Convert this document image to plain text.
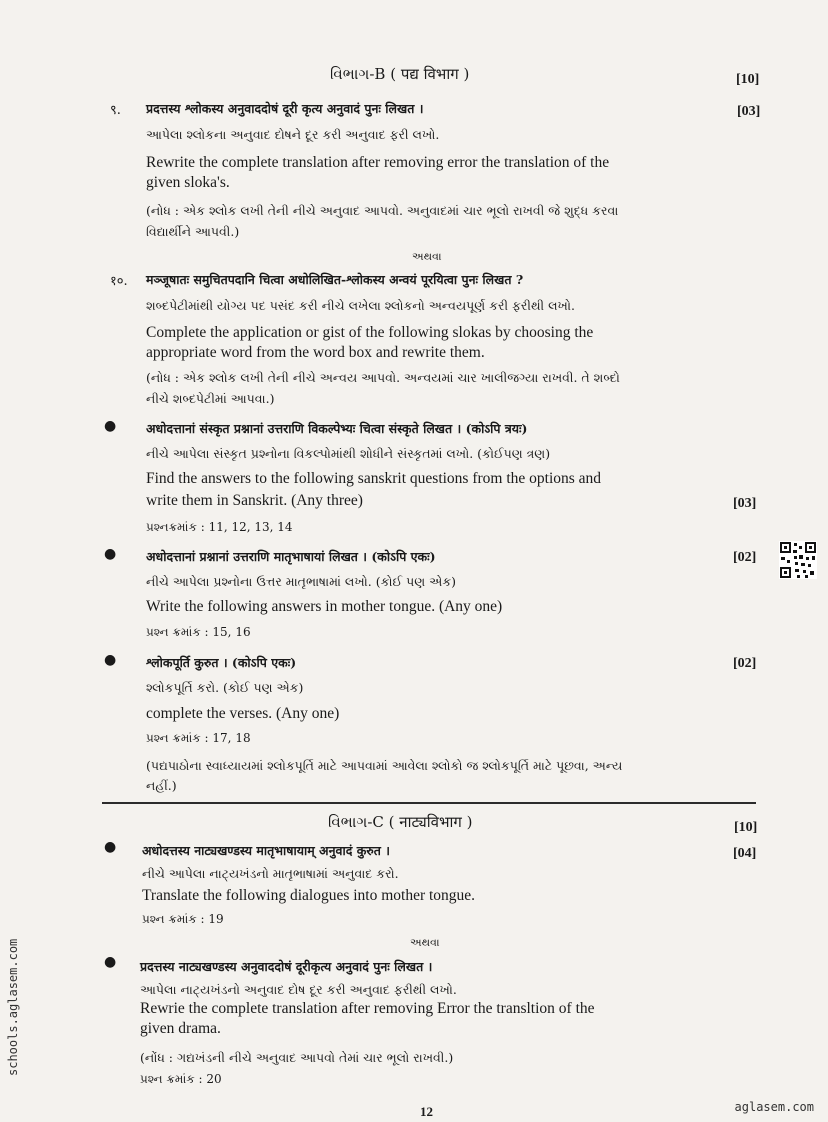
વિભાગ-B ( पद्य विभाग )	[10]
९. प्रदत्तस्य श्लोकस्य अनुवाददोषं दूरी कृत्य अनुवादं पुनः लिखत ।	[03]
આપેલા શ્લોકના અનુવાદ દોષને દૂર કરી અનુવાદ ફરી લખો.
Rewrite the complete translation after removing error the translation of the
given sloka's.
(નોધ : એક શ્લોક લખી તેની નીચે અનુવાદ આપવો. અનુવાદમાં ચાર ભૂલો રાખવી જે શુદ્ધ કરવા
વિદ્યાર્થીને આપવી.)
અથવા
१०. मञ्जूषातः समुचितपदानि चित्वा अधोलिखित-श्लोकस्य अन्वयं पूरयित्वा पुनः लिखत ?
શબ્દપેટીમાંથી યોગ્ય પદ પસંદ કરી નીચે લખેલા શ્લોકનો અન્વયપૂર્ણ કરી ફરીથી લખો.
Complete the application or gist of the following slokas by choosing the
appropriate word from the word box and rewrite them.
(નોધ : એક શ્લોક લખી તેની નીચે અન્વય આપવો. અન્વયમાં ચાર ખાલીજગ્યા રાખવી. તે શબ્દો
નીચે શબ્દપેટીમાં આપવા.)
● अधोदत्तानां संस्कृत प्रश्नानां उत्तराणि विकल्पेभ्यः चित्वा संस्कृते लिखत । (कोऽपि त्रयः)
નીચે આપેલા સંસ્કૃત પ્રશ્નોના વિકલ્પોમાંથી શોધીને સંસ્કૃતમાં લખો. (કોઈપણ ત્રણ)
Find the answers to the following sanskrit questions from the options and
write them in Sanskrit. (Any three)	[03]
પ્રશ્નક્રમાંક : 11, 12, 13, 14
● अधोदत्तानां प्रश्नानां उत्तराणि मातृभाषायां लिखत । (कोऽपि एकः)	[02]
નીચે આપેલા પ્રશ્નોના ઉત્તર માતૃભાષામાં લખો. (કોઈ પણ એક)
Write the following answers in mother tongue. (Any one)
પ્રશ્ન ક્રમાંક : 15, 16
● श्लोकपूर्ति कुरुत । (कोऽपि एकः)	[02]
શ્લોકપૂર્તિ કરો. (કોઈ પણ એક)
complete the verses. (Any one)
પ્રશ્ન ક્રમાંક : 17, 18
(પદ્યપાઠોના સ્વાધ્યાયમાં શ્લોકપૂર્તિ માટે આપવામાં આવેલા શ્લોકો જ શ્લોકપૂર્તિ માટે પૂછવા, અન્ય
નહીં.)
વિભાગ-C ( नाट्यविभाग )	[10]
● अधोदत्तस्य नाट्यखण्डस्य मातृभाषायाम् अनुवादं कुरुत ।	[04]
નીચે આપેલા નાટ્યખંડનો માતૃભાષામાં અનુવાદ કરો.
Translate the following dialogues into mother tongue.
પ્રશ્ન ક્રમાંક : 19
અથવા
● प्रदत्तस्य नाट्यखण्डस्य अनुवाददोषं दूरीकृत्य अनुवादं पुनः लिखत ।
આપેલા નાટ્યખંડનો અનુવાદ દોષ દૂર કરી અનુવાદ ફરીથી લખો.
Rewrie the complete translation after removing Error the transltion of the
given drama.
(નોંધ : ગદ્યખંડની નીચે અનુવાદ આપવો તેમાં ચાર ભૂલો રાખવી.)
પ્રશ્ન ક્રમાંક : 20
12
schools.aglasem.com
aglasem.com
